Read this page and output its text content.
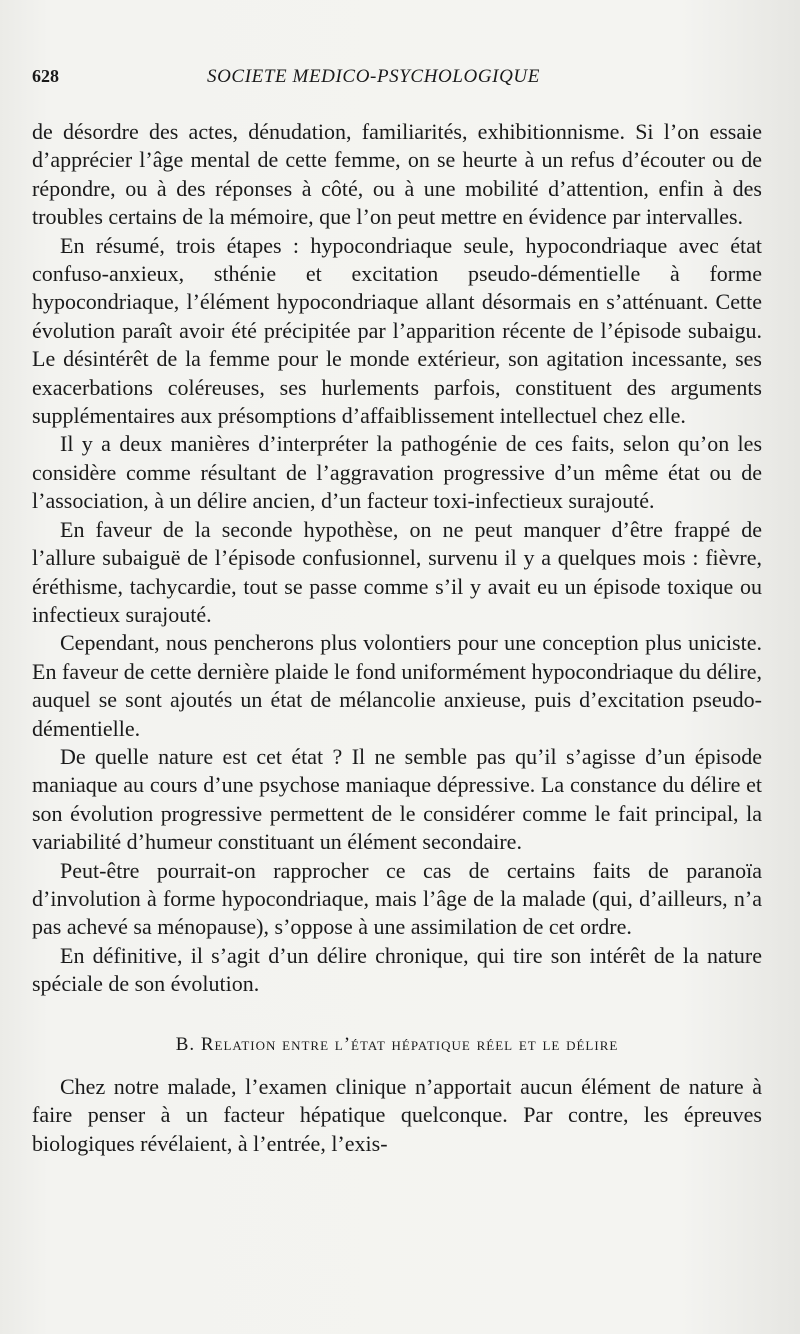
628	SOCIETE MEDICO-PSYCHOLOGIQUE

de désordre des actes, dénudation, familiarités, exhibitionnisme. Si l’on essaie d’apprécier l’âge mental de cette femme, on se heurte à un refus d’écouter ou de répondre, ou à des réponses à côté, ou à une mobilité d’attention, enfin à des troubles certains de la mémoire, que l’on peut mettre en évidence par intervalles.

En résumé, trois étapes : hypocondriaque seule, hypocondriaque avec état confuso-anxieux, sthénie et excitation pseudo-démentielle à forme hypocondriaque, l’élément hypocondriaque allant désormais en s’atténuant. Cette évolution paraît avoir été précipitée par l’apparition récente de l’épisode subaigu. Le désintérêt de la femme pour le monde extérieur, son agitation incessante, ses exacerbations coléreuses, ses hurlements parfois, constituent des arguments supplémentaires aux présomptions d’affaiblissement intellectuel chez elle.

Il y a deux manières d’interpréter la pathogénie de ces faits, selon qu’on les considère comme résultant de l’aggravation progressive d’un même état ou de l’association, à un délire ancien, d’un facteur toxi-infectieux surajouté.

En faveur de la seconde hypothèse, on ne peut manquer d’être frappé de l’allure subaiguë de l’épisode confusionnel, survenu il y a quelques mois : fièvre, éréthisme, tachycardie, tout se passe comme s’il y avait eu un épisode toxique ou infectieux surajouté.

Cependant, nous pencherons plus volontiers pour une conception plus uniciste. En faveur de cette dernière plaide le fond uniformément hypocondriaque du délire, auquel se sont ajoutés un état de mélancolie anxieuse, puis d’excitation pseudo-démentielle.

De quelle nature est cet état ? Il ne semble pas qu’il s’agisse d’un épisode maniaque au cours d’une psychose maniaque dépressive. La constance du délire et son évolution progressive permettent de le considérer comme le fait principal, la variabilité d’humeur constituant un élément secondaire.

Peut-être pourrait-on rapprocher ce cas de certains faits de paranoïa d’involution à forme hypocondriaque, mais l’âge de la malade (qui, d’ailleurs, n’a pas achevé sa ménopause), s’oppose à une assimilation de cet ordre.

En définitive, il s’agit d’un délire chronique, qui tire son intérêt de la nature spéciale de son évolution.

B. Relation entre l’état hépatique réel et le délire

Chez notre malade, l’examen clinique n’apportait aucun élément de nature à faire penser à un facteur hépatique quelconque. Par contre, les épreuves biologiques révélaient, à l’entrée, l’exis-
